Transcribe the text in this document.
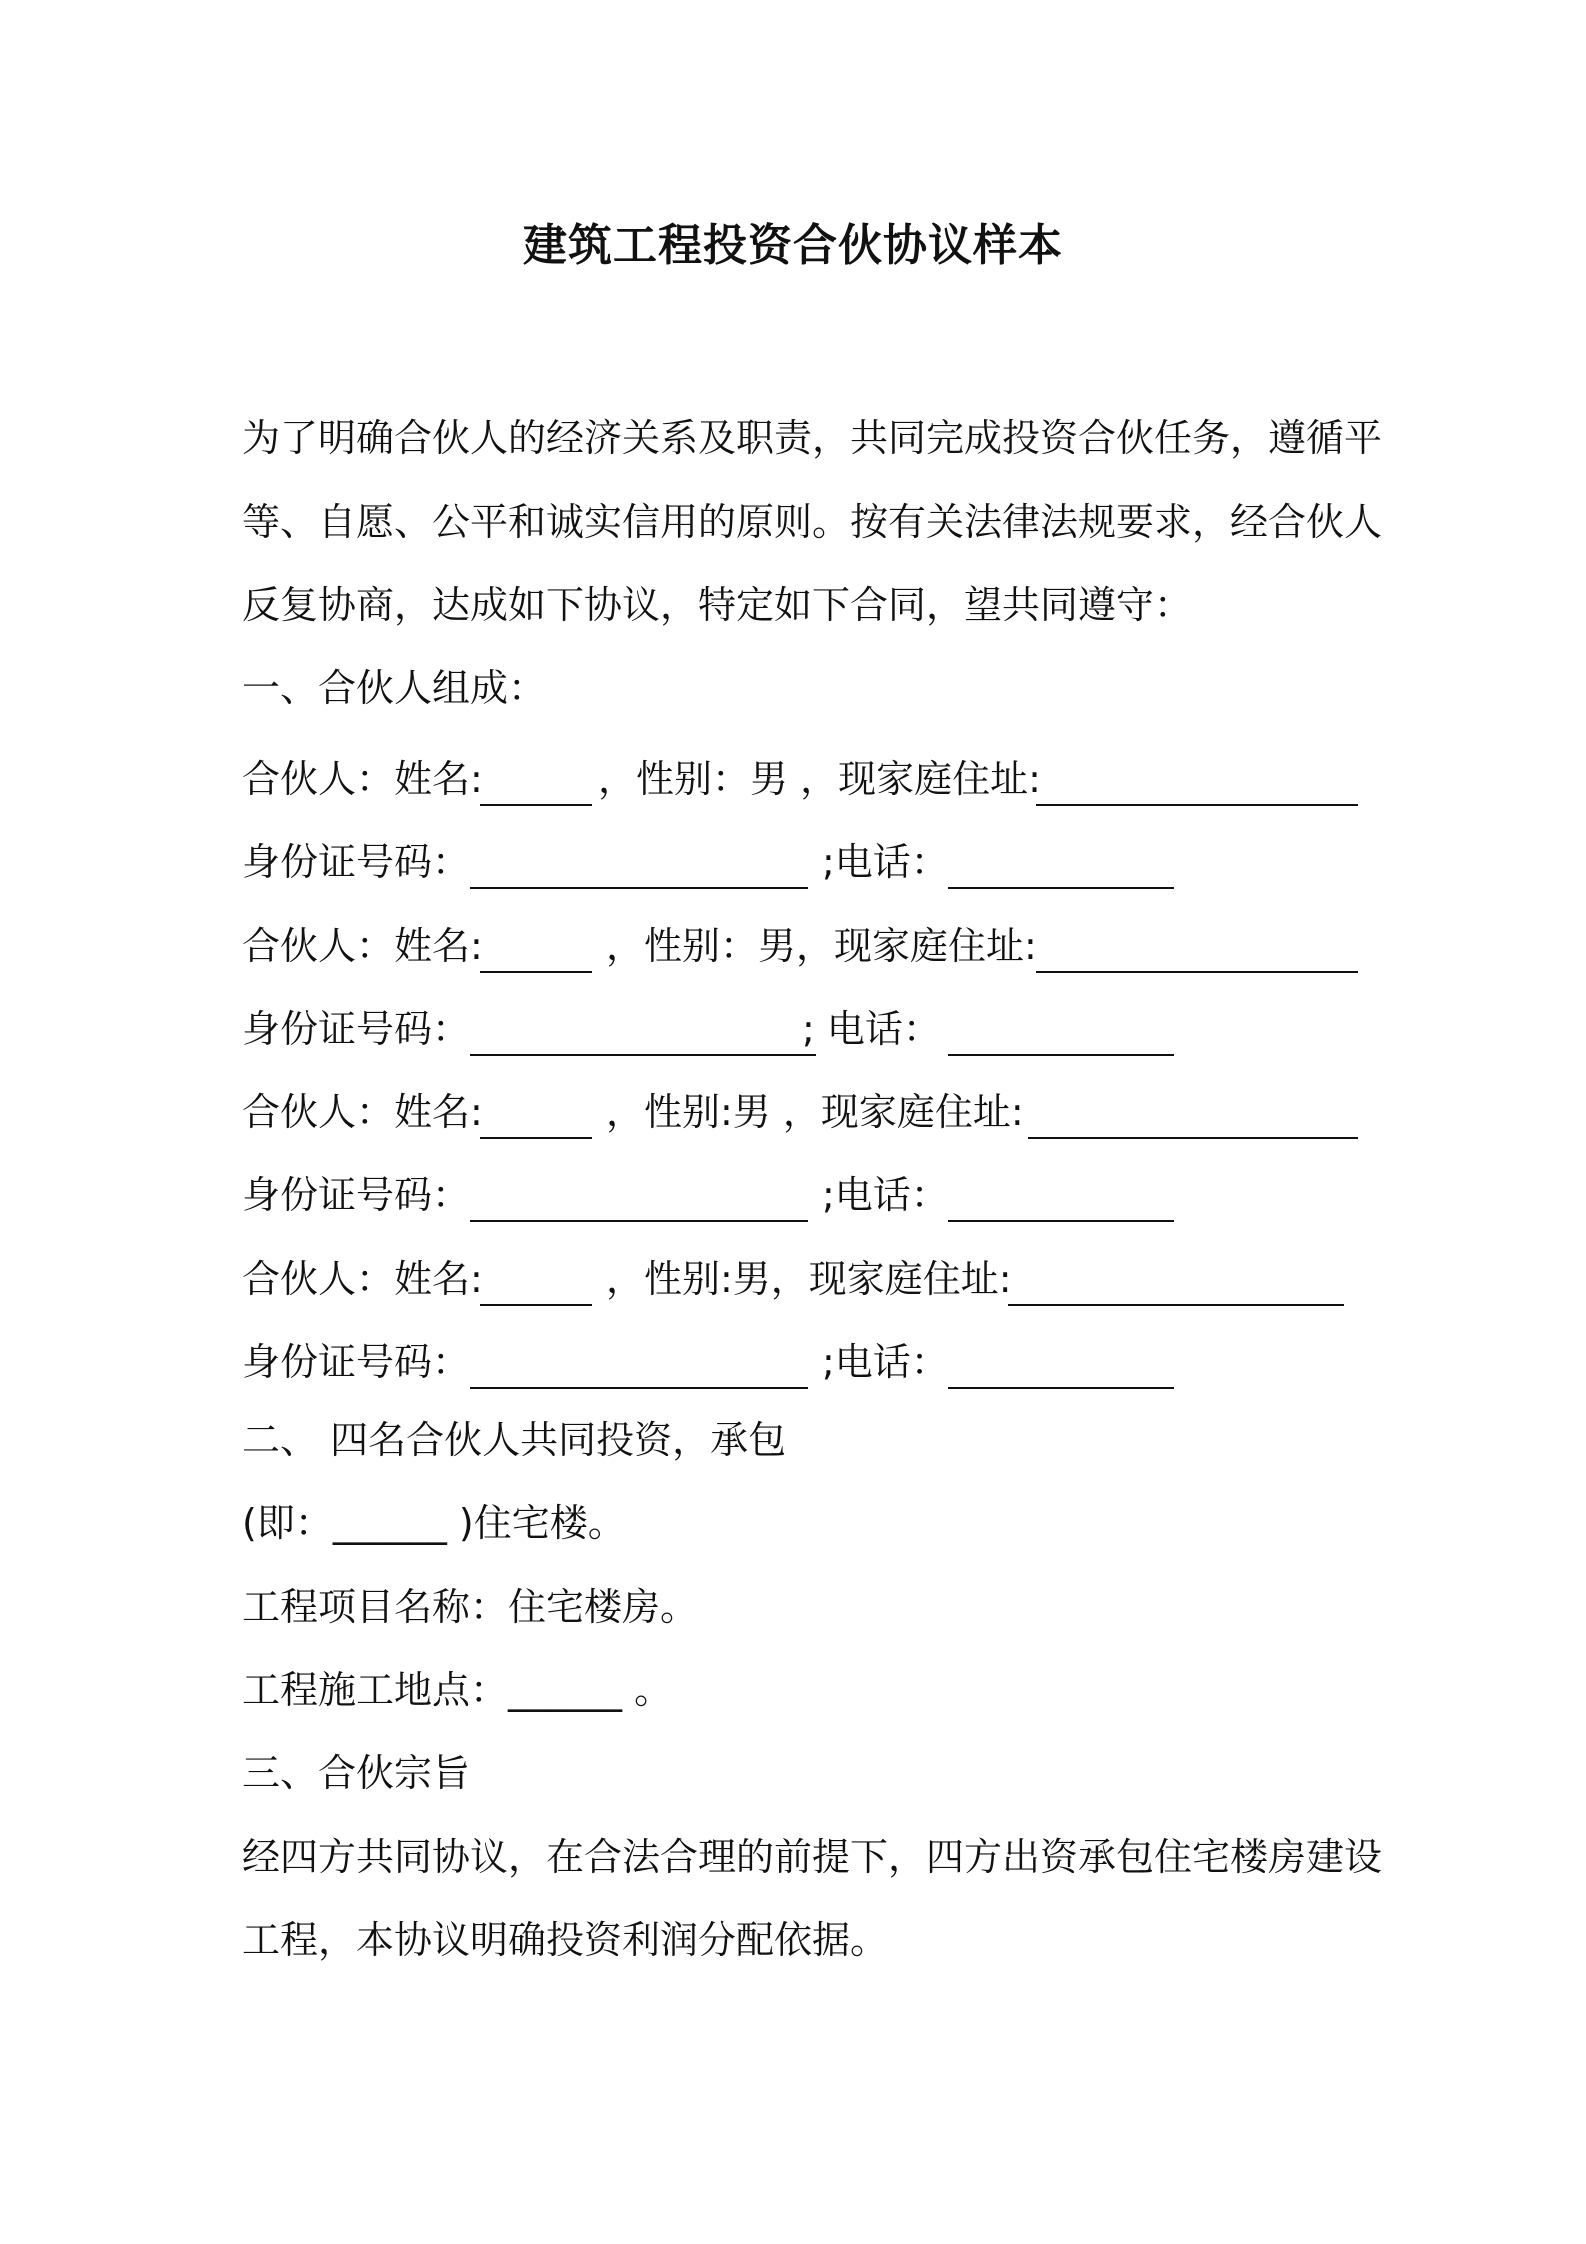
建筑工程投资合伙协议样本
为了明确合伙人的经济关系及职责，共同完成投资合伙任务，遵循平
等、自愿、公平和诚实信用的原则。按有关法律法规要求，经合伙人
反复协商，达成如下协议，特定如下合同，望共同遵守：
一、合伙人组成：
合伙人：姓名:	，性别：男 ，现家庭住址:
身份证号码：	;电话：
合伙人：姓名:	，性别：男，现家庭住址:
身份证号码：	; 电话：
合伙人：姓名:	，性别:男 ，现家庭住址:
身份证号码：	;电话：
合伙人：姓名:	，性别:男，现家庭住址:
身份证号码：	;电话：
二、 四名合伙人共同投资，承包
(即：______ )住宅楼。
工程项目名称：住宅楼房。
工程施工地点：______ 。
三、合伙宗旨
经四方共同协议，在合法合理的前提下，四方出资承包住宅楼房建设
工程，本协议明确投资利润分配依据。
